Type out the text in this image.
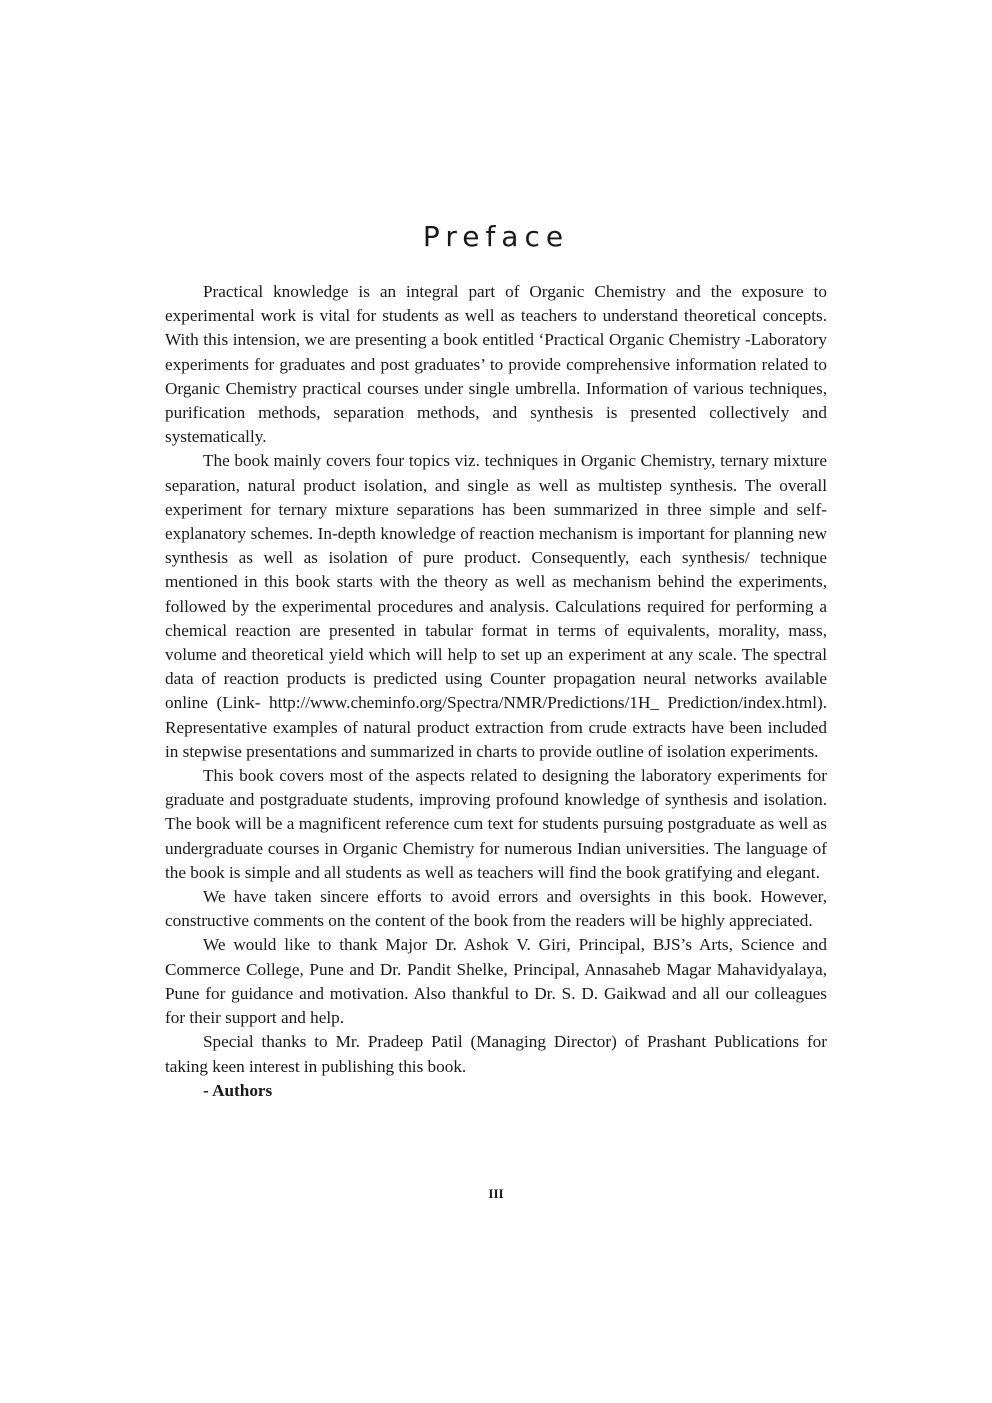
Preface

Practical knowledge is an integral part of Organic Chemistry and the exposure to experimental work is vital for students as well as teachers to understand theoretical concepts. With this intension, we are presenting a book entitled ‘Practical Organic Chemistry -Laboratory experiments for graduates and post graduates’ to provide comprehensive information related to Organic Chemistry practical courses under single umbrella. Information of various techniques, purification methods, separation methods, and synthesis is presented collectively and systematically.

The book mainly covers four topics viz. techniques in Organic Chemistry, ternary mixture separation, natural product isolation, and single as well as multistep synthesis. The overall experiment for ternary mixture separations has been summarized in three simple and self-explanatory schemes. In-depth knowledge of reaction mechanism is important for planning new synthesis as well as isolation of pure product. Consequently, each synthesis/ technique mentioned in this book starts with the theory as well as mechanism behind the experiments, followed by the experimental procedures and analysis. Calculations required for performing a chemical reaction are presented in tabular format in terms of equivalents, morality, mass, volume and theoretical yield which will help to set up an experiment at any scale. The spectral data of reaction products is predicted using Counter propagation neural networks available online (Link- http://www.cheminfo.org/Spectra/NMR/Predictions/1H_ Prediction/index.html). Representative examples of natural product extraction from crude extracts have been included in stepwise presentations and summarized in charts to provide outline of isolation experiments.

This book covers most of the aspects related to designing the laboratory experiments for graduate and postgraduate students, improving profound knowledge of synthesis and isolation. The book will be a magnificent reference cum text for students pursuing postgraduate as well as undergraduate courses in Organic Chemistry for numerous Indian universities. The language of the book is simple and all students as well as teachers will find the book gratifying and elegant.

We have taken sincere efforts to avoid errors and oversights in this book. However, constructive comments on the content of the book from the readers will be highly appreciated.

We would like to thank Major Dr. Ashok V. Giri, Principal, BJS’s Arts, Science and Commerce College, Pune and Dr. Pandit Shelke, Principal, Annasaheb Magar Mahavidyalaya, Pune for guidance and motivation. Also thankful to Dr. S. D. Gaikwad and all our colleagues for their support and help.

Special thanks to Mr. Pradeep Patil (Managing Director) of Prashant Publications for taking keen interest in publishing this book.

- Authors

III
